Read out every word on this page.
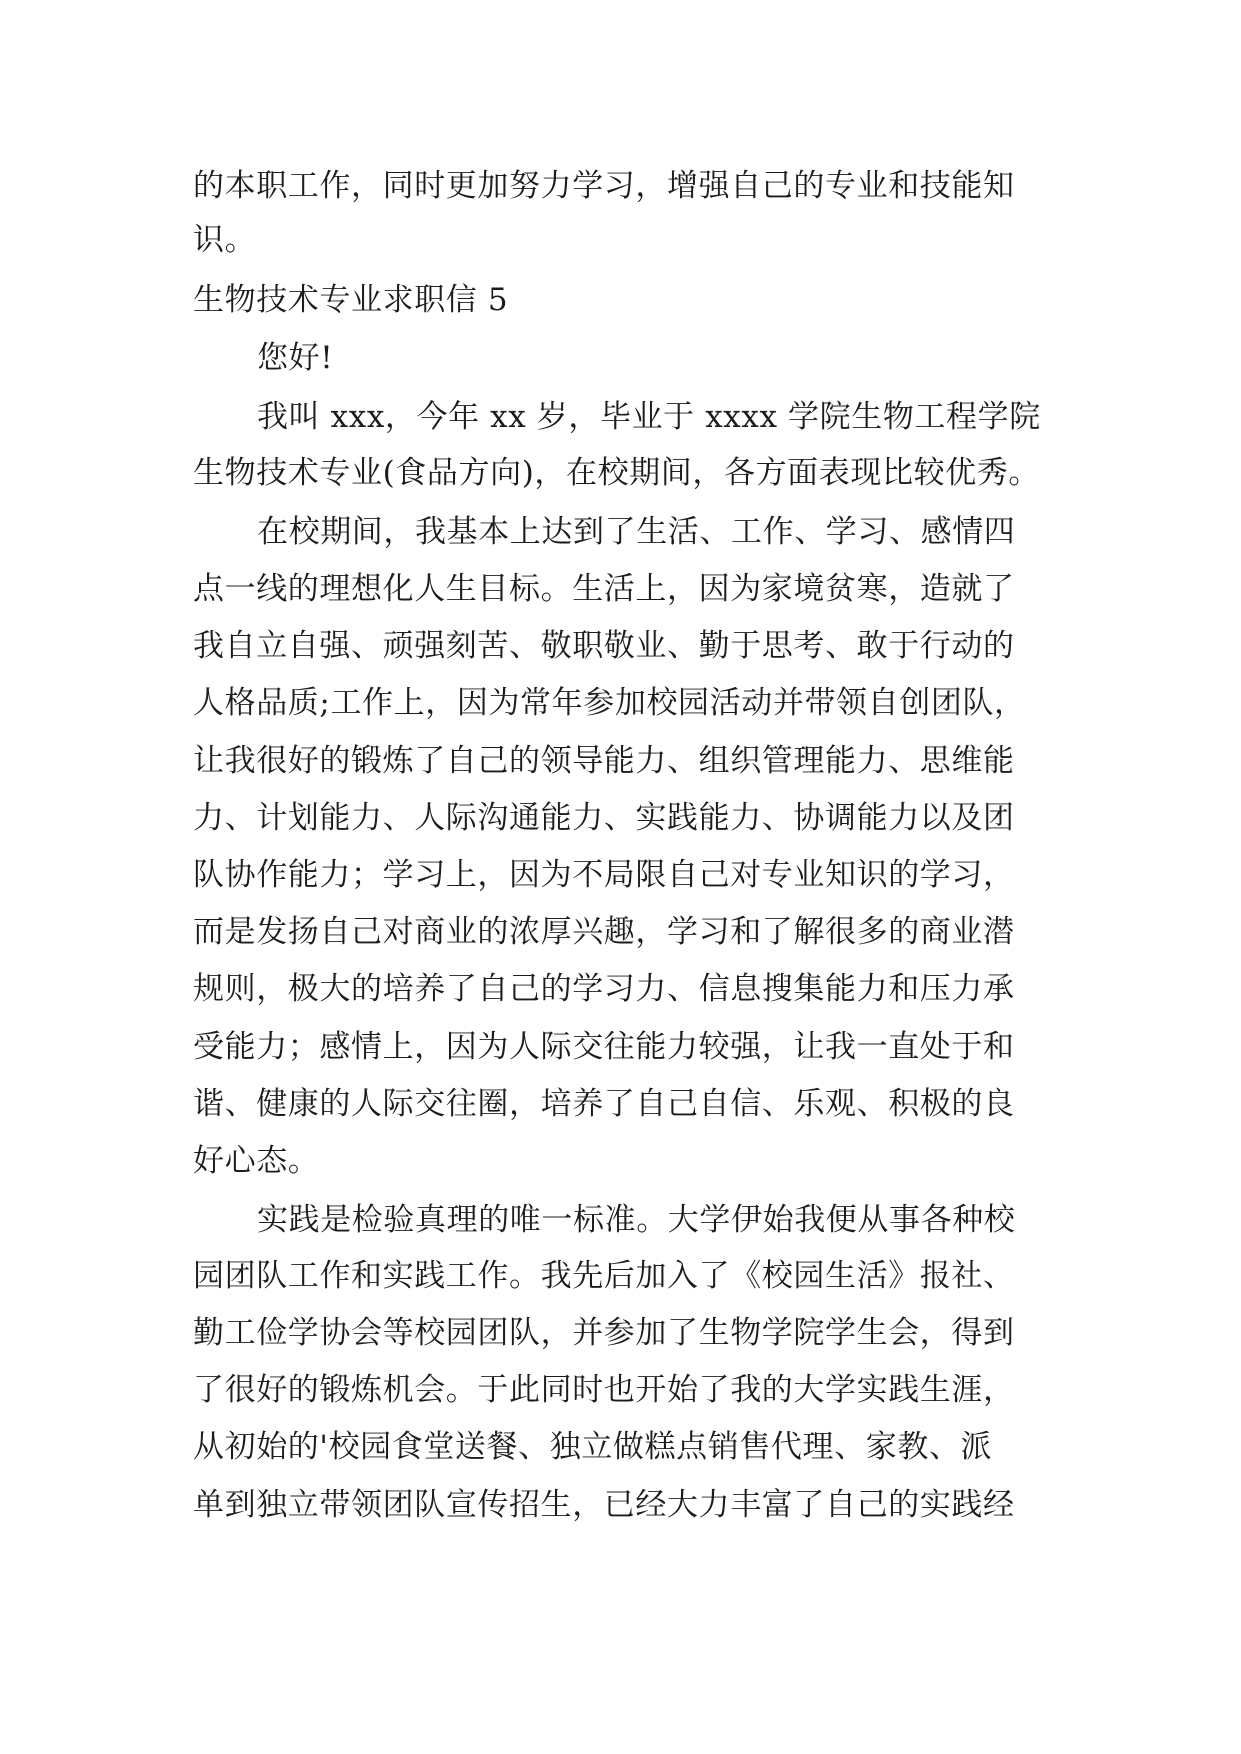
的本职工作，同时更加努力学习，增强自己的专业和技能知

识。

生物技术专业求职信 5

您好!

我叫 xxx，今年 xx 岁，毕业于 xxxx 学院生物工程学院

生物技术专业(食品方向)，在校期间，各方面表现比较优秀。

在校期间，我基本上达到了生活、工作、学习、感情四

点一线的理想化人生目标。生活上，因为家境贫寒，造就了

我自立自强、顽强刻苦、敬职敬业、勤于思考、敢于行动的

人格品质;工作上，因为常年参加校园活动并带领自创团队，

让我很好的锻炼了自己的领导能力、组织管理能力、思维能

力、计划能力、人际沟通能力、实践能力、协调能力以及团

队协作能力；学习上，因为不局限自己对专业知识的学习，

而是发扬自己对商业的浓厚兴趣，学习和了解很多的商业潜

规则，极大的培养了自己的学习力、信息搜集能力和压力承

受能力；感情上，因为人际交往能力较强，让我一直处于和

谐、健康的人际交往圈，培养了自己自信、乐观、积极的良

好心态。

实践是检验真理的唯一标准。大学伊始我便从事各种校

园团队工作和实践工作。我先后加入了《校园生活》报社、

勤工俭学协会等校园团队，并参加了生物学院学生会，得到

了很好的锻炼机会。于此同时也开始了我的大学实践生涯，

从初始的'校园食堂送餐、独立做糕点销售代理、家教、派

单到独立带领团队宣传招生，已经大力丰富了自己的实践经
